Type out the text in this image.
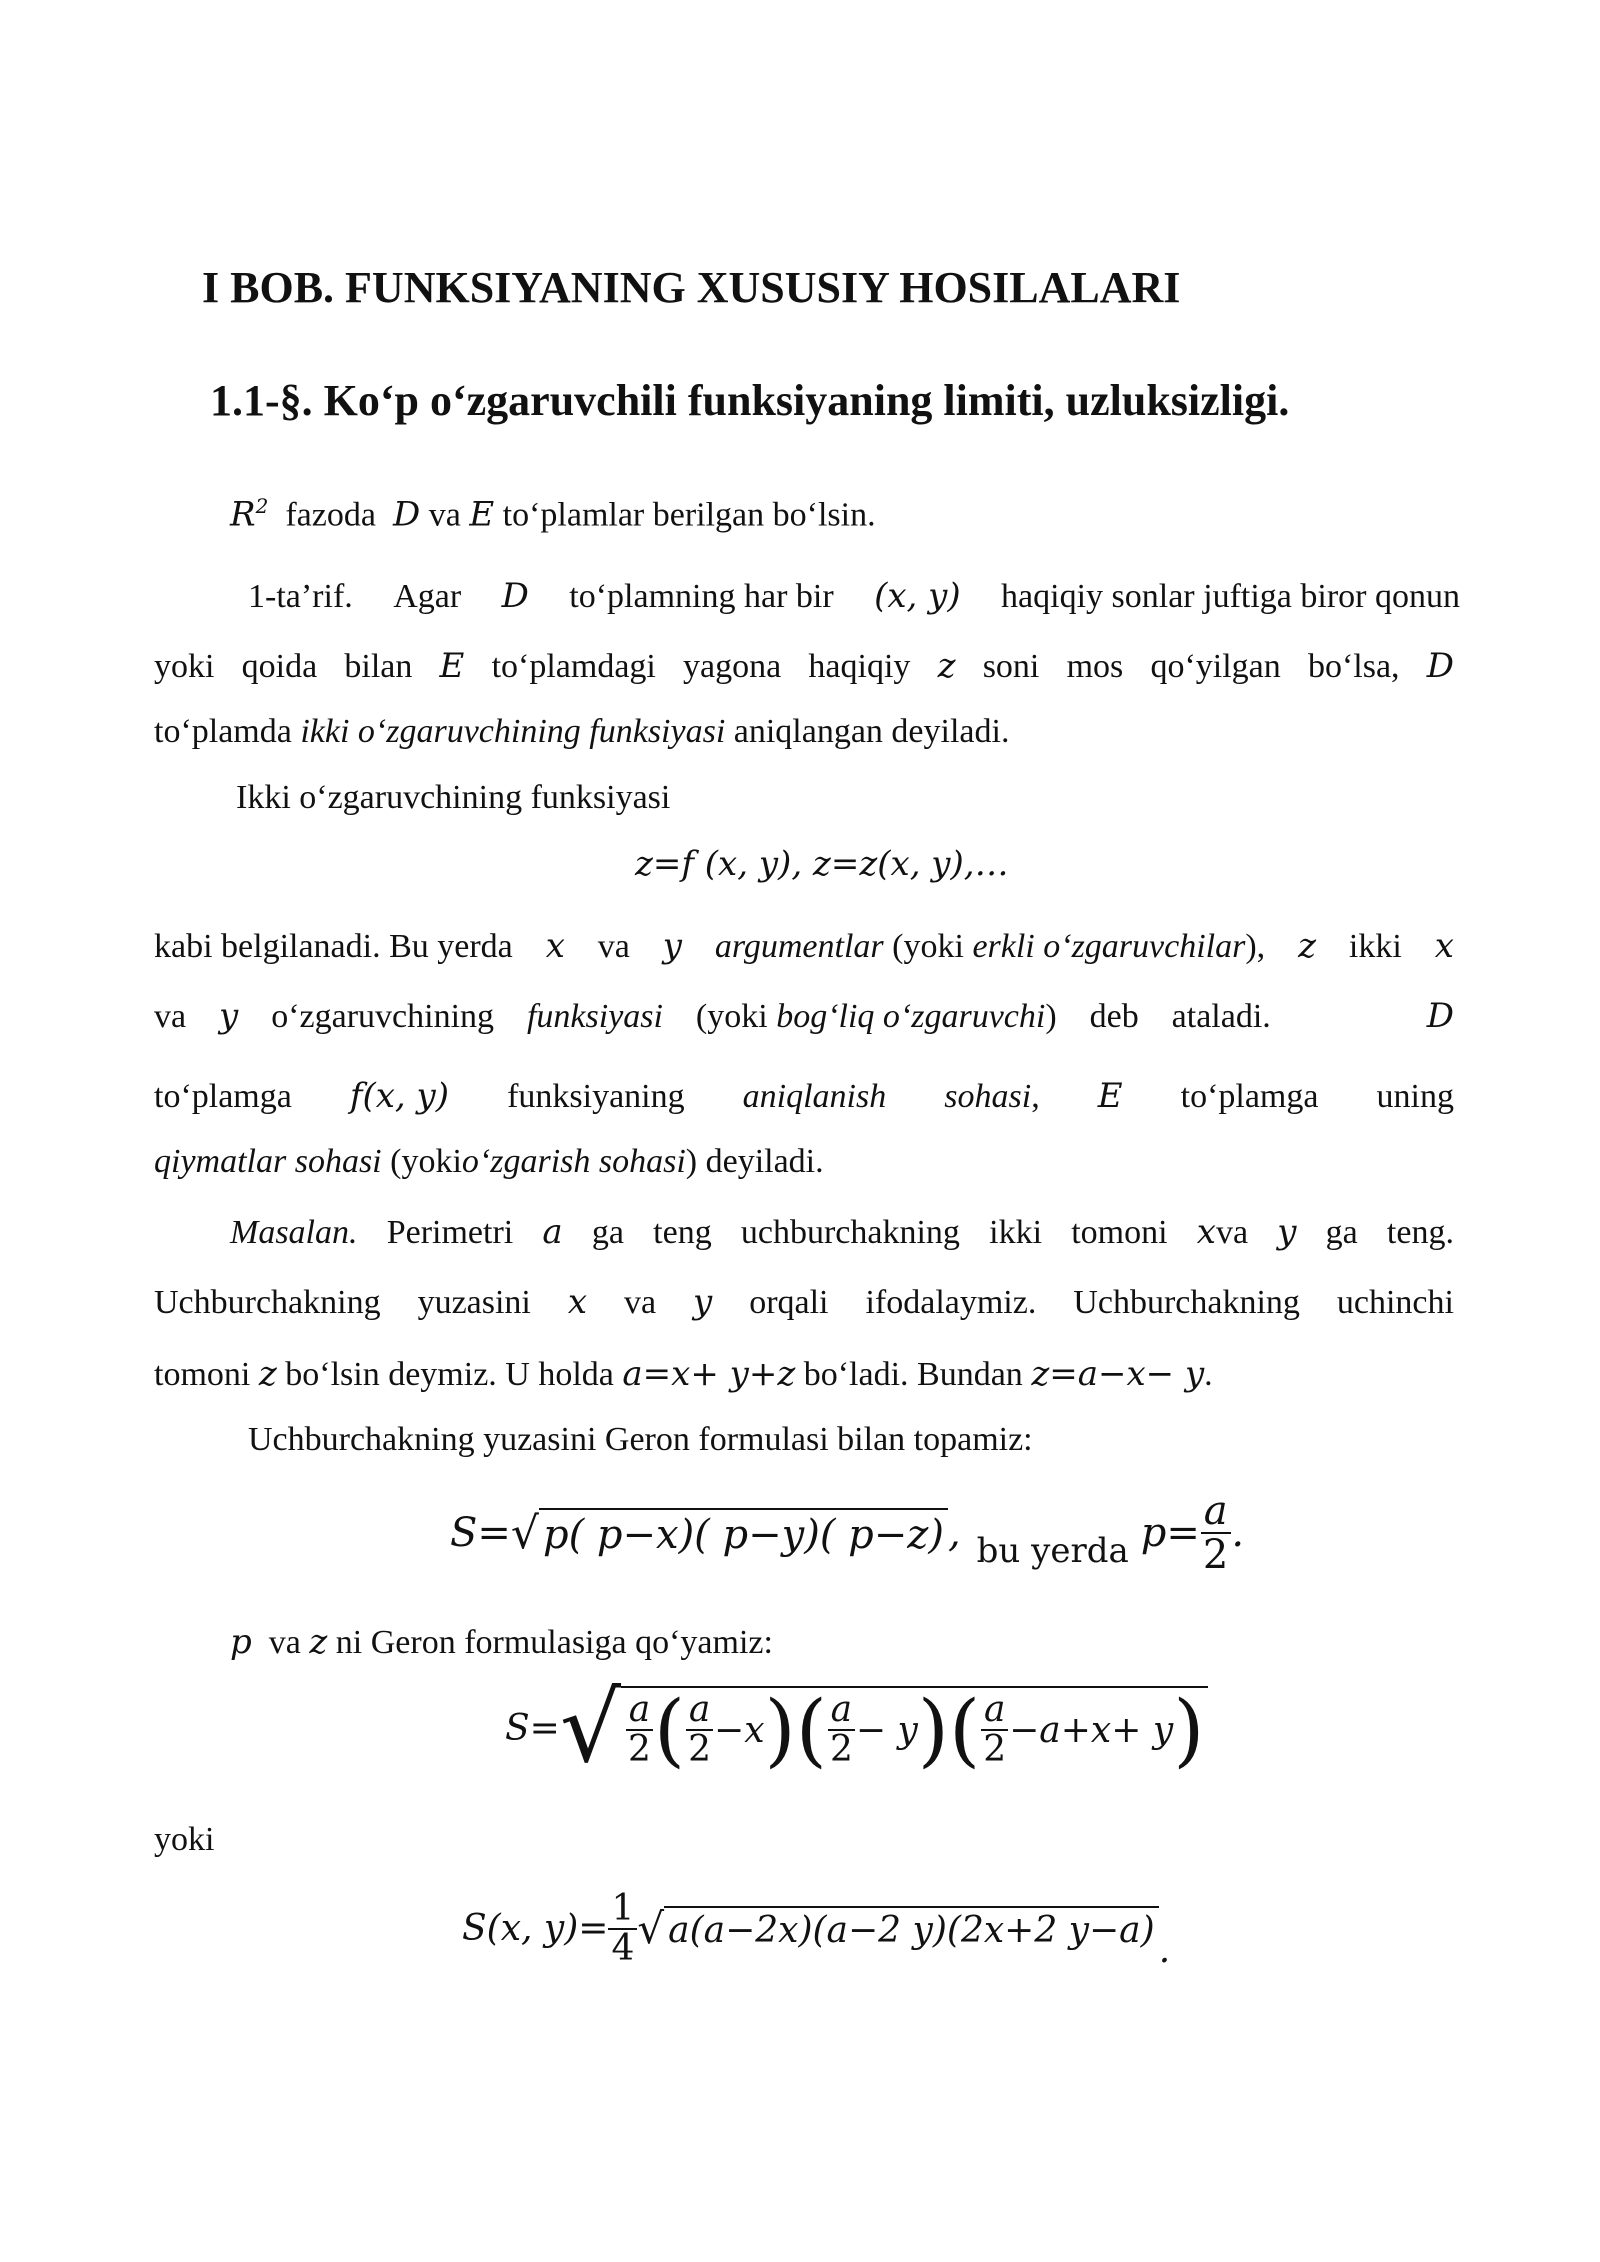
I BOB. FUNKSIYANING XUSUSIY HOSILALARI
1.1-§. Ko‘p o‘zgaruvchili funksiyaning limiti, uzluksizligi.
$R^2$ fazoda D va E to‘plamlar berilgan bo‘lsin.
1-ta’rif. Agar D to‘plamning har bir (x, y) haqiqiy sonlar juftiga biror qonun
yoki qoida bilan E to‘plamdagi yagona haqiqiy z soni mos qo‘yilgan bo‘lsa, D
to‘plamda ikki o‘zgaruvchining funksiyasi aniqlangan deyiladi.
Ikki o‘zgaruvchining funksiyasi
z=f (x, y), z=z(x, y),…
kabi belgilanadi. Bu yerda x va y argumentlar (yoki erkli o‘zgaruvchilar), z ikki x
va y o‘zgaruvchining funksiyasi (yoki bog‘liq o‘zgaruvchi) deb ataladi.	D
to‘plamga f(x, y) funksiyaning aniqlanish sohasi, E to‘plamga uning
qiymatlar sohasi (yokio‘zgarish sohasi) deyiladi.
Masalan. Perimetri a ga teng uchburchakning ikki tomoni xva y ga teng.
Uchburchakning yuzasini x va y orqali ifodalaymiz. Uchburchakning uchinchi
tomoni z bo‘lsin deymiz. U holda a=x+ y+z bo‘ladi. Bundan z=a−x− y.
Uchburchakning yuzasini Geron formulasi bilan topamiz:
S= √ p( p−x)( p−y)( p−z) , bu yerda $p= \frac{a}{2}$ .
p va z ni Geron formulasiga qo‘yamiz:
S= √ $\frac{a}{2}$ ( $\frac{a}{2} -x$ ) ( $\frac{a}{2} - y$ ) ( $\frac{a}{2} -a+x+ y$ )
yoki
S(x, $y)= \frac{1}{4}$ √ a(a−2x)(a−2 y)(2x+2 y−a) .
